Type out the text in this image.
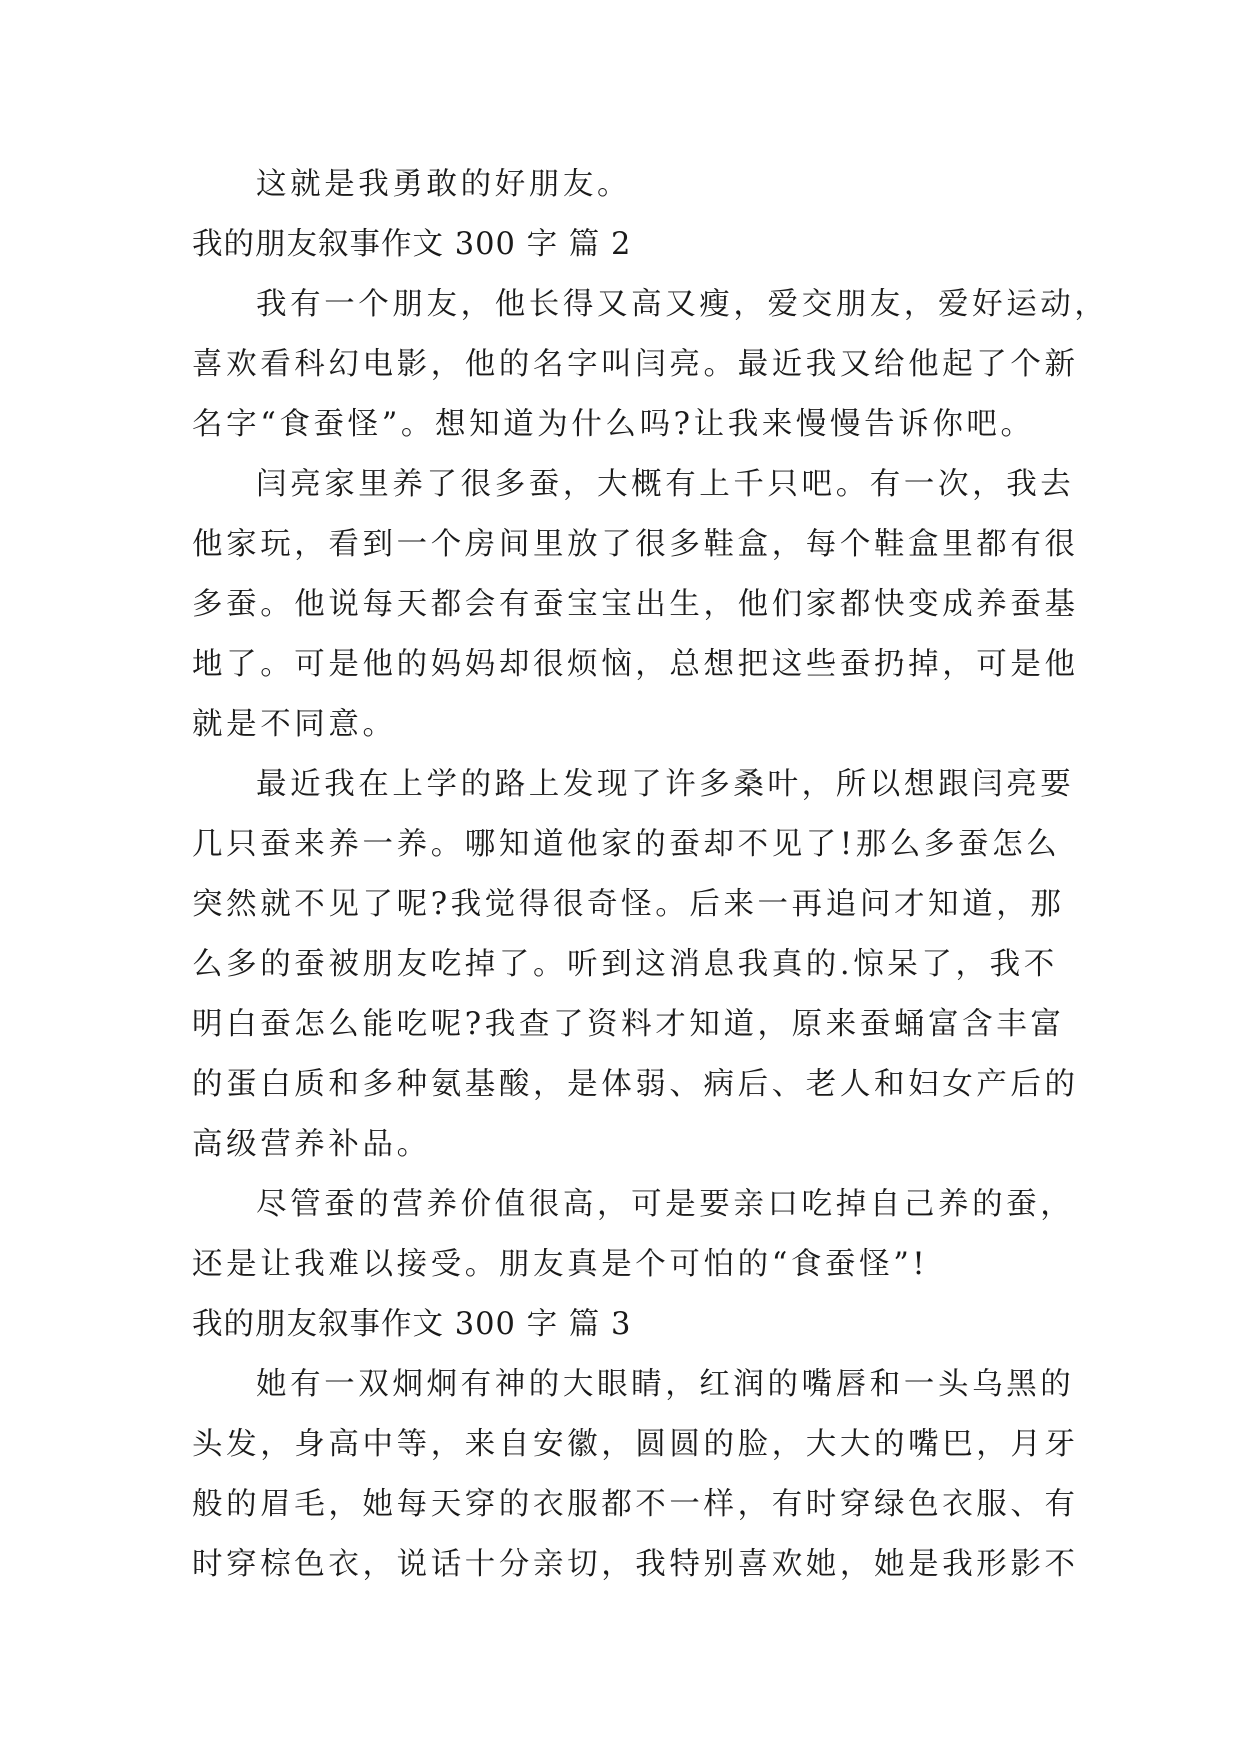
这就是我勇敢的好朋友。
我的朋友叙事作文 300 字 篇 2
我有一个朋友，他长得又高又瘦，爱交朋友，爱好运动，
喜欢看科幻电影，他的名字叫闫亮。最近我又给他起了个新
名字“食蚕怪”。想知道为什么吗?让我来慢慢告诉你吧。
闫亮家里养了很多蚕，大概有上千只吧。有一次，我去
他家玩，看到一个房间里放了很多鞋盒，每个鞋盒里都有很
多蚕。他说每天都会有蚕宝宝出生，他们家都快变成养蚕基
地了。可是他的妈妈却很烦恼，总想把这些蚕扔掉，可是他
就是不同意。
最近我在上学的路上发现了许多桑叶，所以想跟闫亮要
几只蚕来养一养。哪知道他家的蚕却不见了!那么多蚕怎么
突然就不见了呢?我觉得很奇怪。后来一再追问才知道，那
么多的蚕被朋友吃掉了。听到这消息我真的.惊呆了，我不
明白蚕怎么能吃呢?我查了资料才知道，原来蚕蛹富含丰富
的蛋白质和多种氨基酸，是体弱、病后、老人和妇女产后的
高级营养补品。
尽管蚕的营养价值很高，可是要亲口吃掉自己养的蚕，
还是让我难以接受。朋友真是个可怕的“食蚕怪”!
我的朋友叙事作文 300 字 篇 3
她有一双炯炯有神的大眼睛，红润的嘴唇和一头乌黑的
头发，身高中等，来自安徽，圆圆的脸，大大的嘴巴，月牙
般的眉毛，她每天穿的衣服都不一样，有时穿绿色衣服、有
时穿棕色衣，说话十分亲切，我特别喜欢她，她是我形影不
